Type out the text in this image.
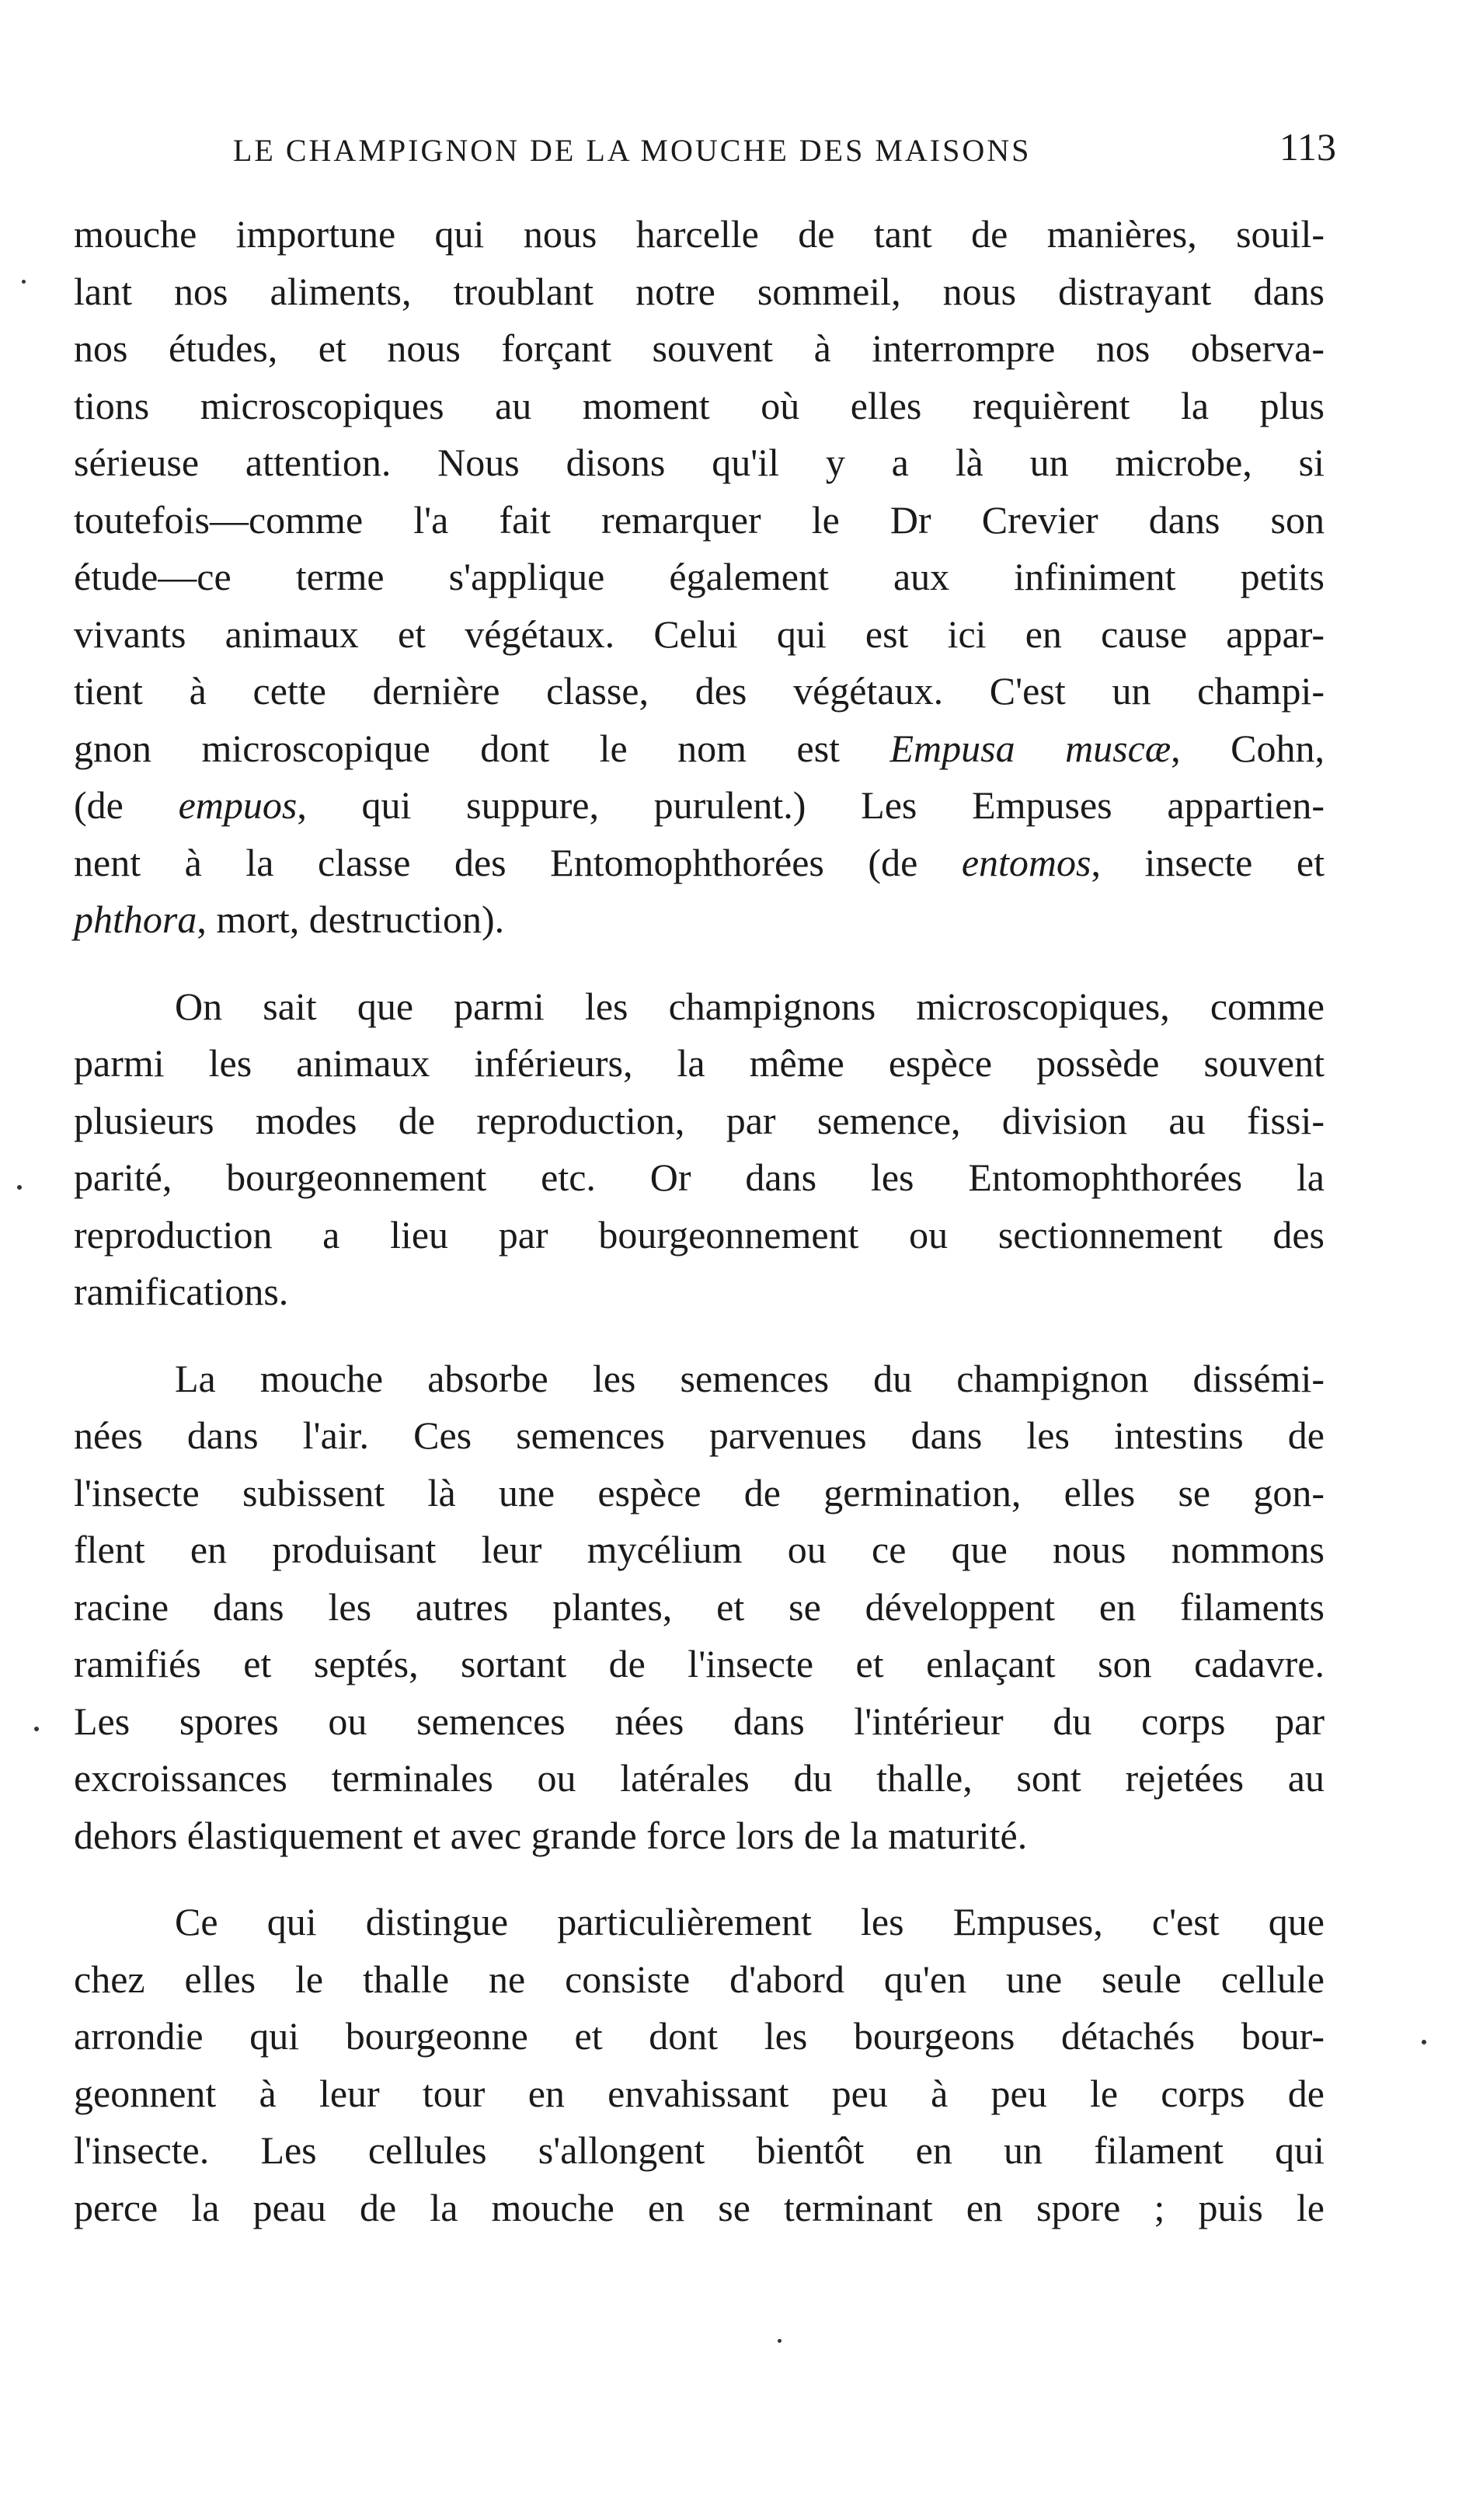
LE CHAMPIGNON DE LA MOUCHE DES MAISONS	113
mouche importune qui nous harcelle de tant de manières, souil-
lant nos aliments, troublant notre sommeil, nous distrayant dans
nos études, et nous forçant souvent à interrompre nos observa-
tions microscopiques au moment où elles requièrent la plus
sérieuse attention. Nous disons qu'il y a là un microbe, si
toutefois—comme l'a fait remarquer le Dr Crevier dans son
étude—ce terme s'applique également aux infiniment petits
vivants animaux et végétaux. Celui qui est ici en cause appar-
tient à cette dernière classe, des végétaux. C'est un champi-
gnon microscopique dont le nom est Empusa muscæ, Cohn,
(de empuos, qui suppure, purulent.) Les Empuses appartien-
nent à la classe des Entomophthorées (de entomos, insecte et
phthora, mort, destruction).
On sait que parmi les champignons microscopiques, comme
parmi les animaux inférieurs, la même espèce possède souvent
plusieurs modes de reproduction, par semence, division au fissi-
parité, bourgeonnement etc. Or dans les Entomophthorées la
reproduction a lieu par bourgeonnement ou sectionnement des
ramifications.
La mouche absorbe les semences du champignon dissémi-
nées dans l'air. Ces semences parvenues dans les intestins de
l'insecte subissent là une espèce de germination, elles se gon-
flent en produisant leur mycélium ou ce que nous nommons
racine dans les autres plantes, et se développent en filaments
ramifiés et septés, sortant de l'insecte et enlaçant son cadavre.
Les spores ou semences nées dans l'intérieur du corps par
excroissances terminales ou latérales du thalle, sont rejetées au
dehors élastiquement et avec grande force lors de la maturité.
Ce qui distingue particulièrement les Empuses, c'est que
chez elles le thalle ne consiste d'abord qu'en une seule cellule
arrondie qui bourgeonne et dont les bourgeons détachés bour-
geonnent à leur tour en envahissant peu à peu le corps de
l'insecte. Les cellules s'allongent bientôt en un filament qui
perce la peau de la mouche en se terminant en spore ; puis le
